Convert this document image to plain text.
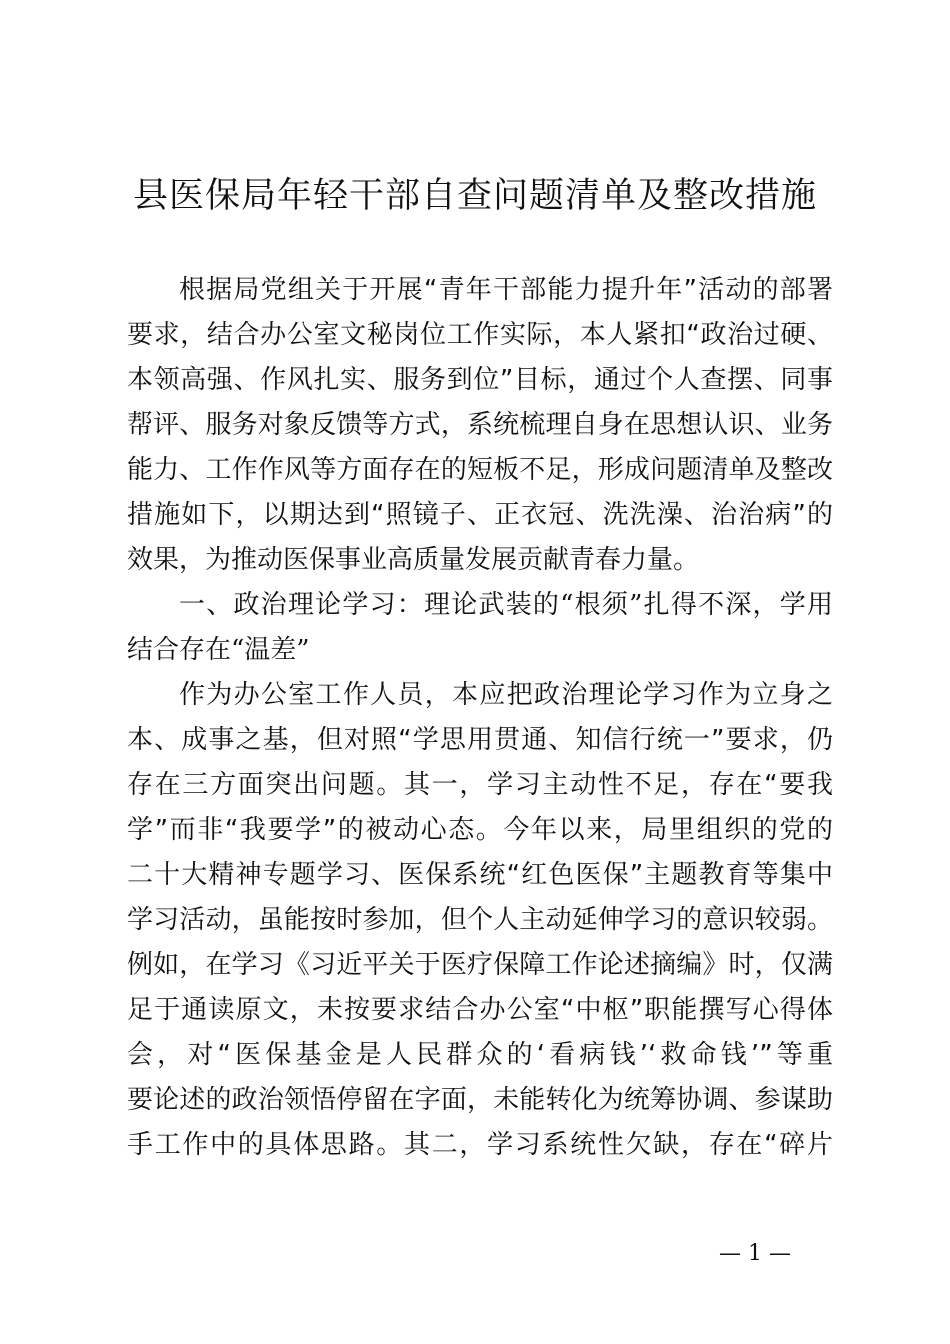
县医保局年轻干部自查问题清单及整改措施
根据局党组关于开展“青年干部能力提升年”活动的部署
要求，结合办公室文秘岗位工作实际，本人紧扣“政治过硬、
本领高强、作风扎实、服务到位”目标，通过个人查摆、同事
帮评、服务对象反馈等方式，系统梳理自身在思想认识、业务
能力、工作作风等方面存在的短板不足，形成问题清单及整改
措施如下，以期达到“照镜子、正衣冠、洗洗澡、治治病”的
效果，为推动医保事业高质量发展贡献青春力量。
一、政治理论学习：理论武装的“根须”扎得不深，学用
结合存在“温差”
作为办公室工作人员，本应把政治理论学习作为立身之
本、成事之基，但对照“学思用贯通、知信行统一”要求，仍
存在三方面突出问题。其一，学习主动性不足，存在“要我
学”而非“我要学”的被动心态。今年以来，局里组织的党的
二十大精神专题学习、医保系统“红色医保”主题教育等集中
学习活动，虽能按时参加，但个人主动延伸学习的意识较弱。
例如，在学习《习近平关于医疗保障工作论述摘编》时，仅满
足于通读原文，未按要求结合办公室“中枢”职能撰写心得体
会，对“医保基金是人民群众的‘看病钱’‘救命钱’”等重
要论述的政治领悟停留在字面，未能转化为统筹协调、参谋助
手工作中的具体思路。其二，学习系统性欠缺，存在“碎片
— 1 —
